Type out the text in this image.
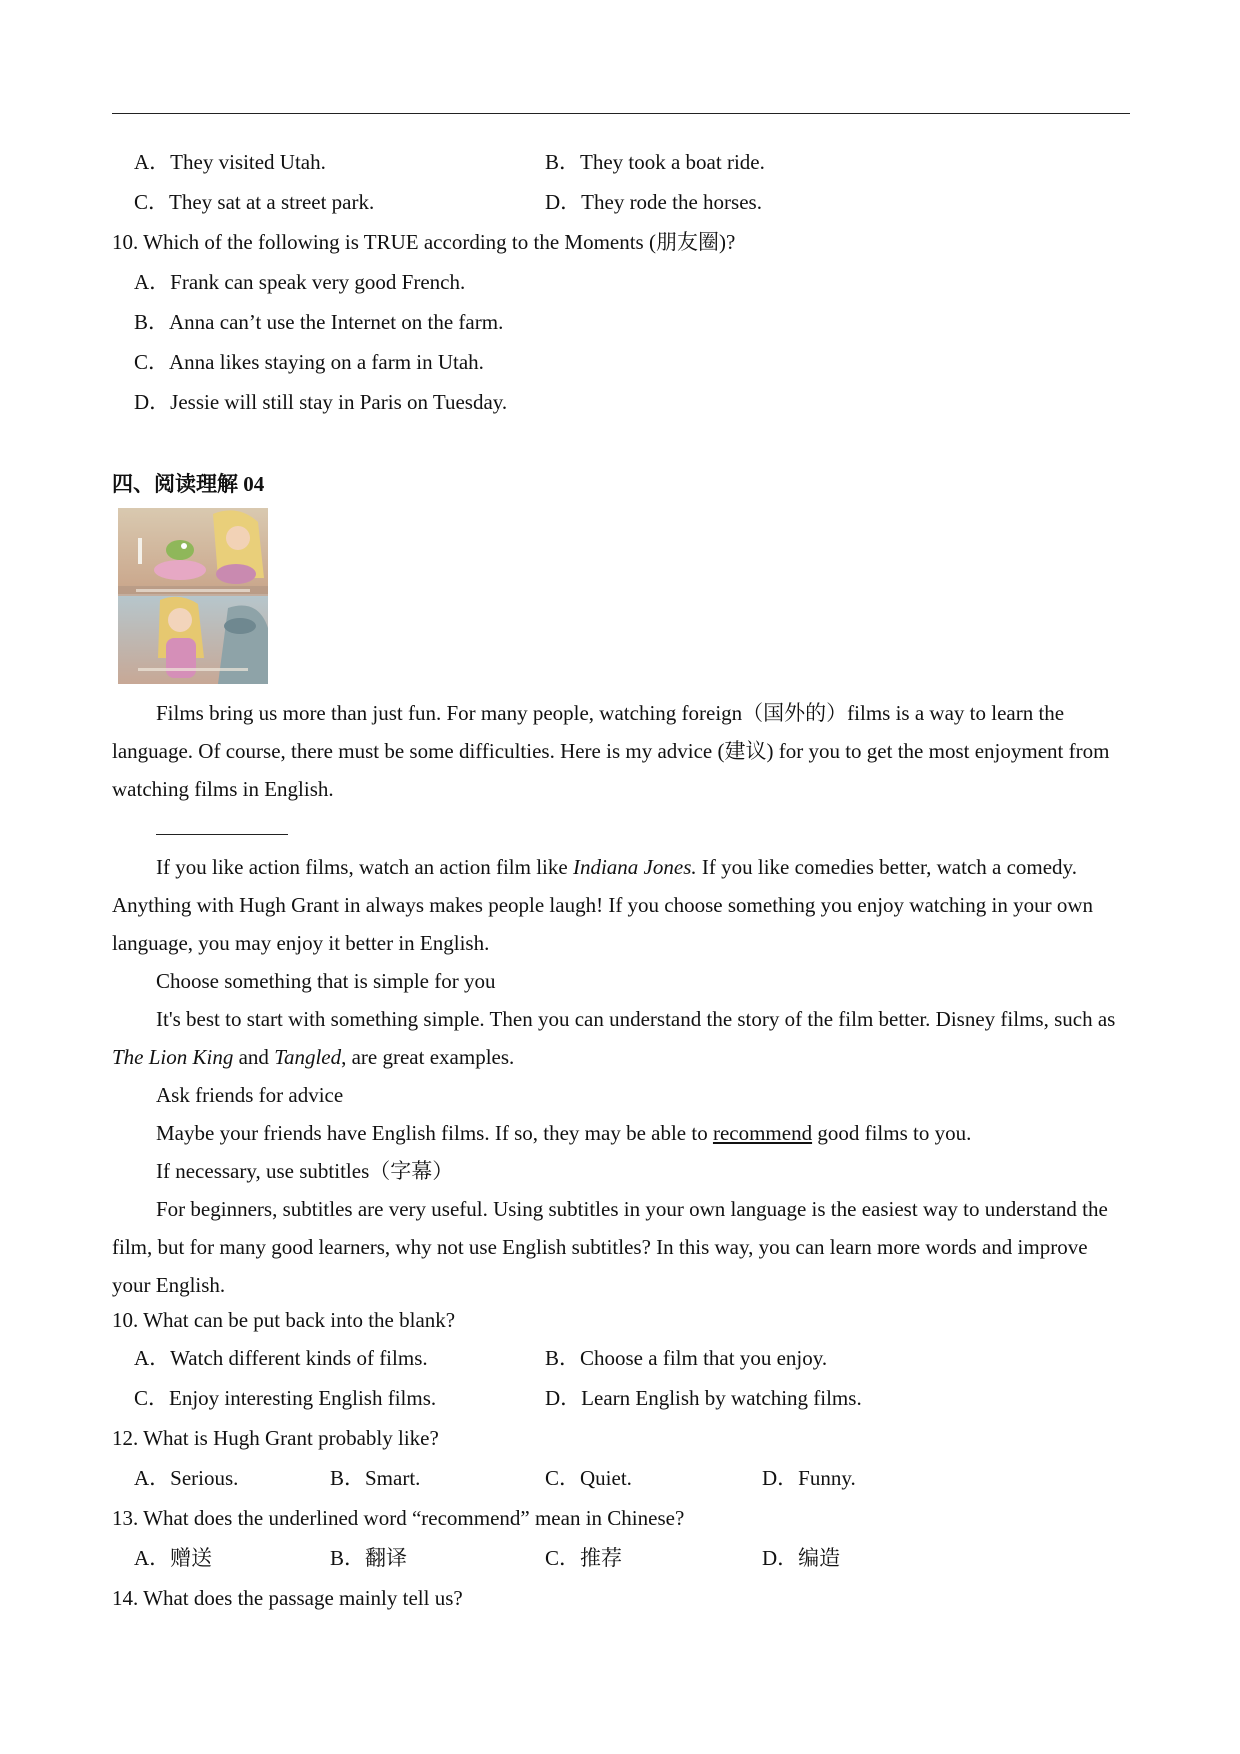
A．They visited Utah.	B．They took a boat ride.
C．They sat at a street park.	D．They rode the horses.
10. Which of the following is TRUE according to the Moments (朋友圈)?
A．Frank can speak very good French.
B．Anna can’t use the Internet on the farm.
C．Anna likes staying on a farm in Utah.
D．Jessie will still stay in Paris on Tuesday.
四、阅读理解 04
Films bring us more than just fun. For many people, watching foreign（国外的）films is a way to learn the language. Of course, there must be some difficulties. Here is my advice (建议) for you to get the most enjoyment from watching films in English.
If you like action films, watch an action film like Indiana Jones. If you like comedies better, watch a comedy. Anything with Hugh Grant in always makes people laugh! If you choose something you enjoy watching in your own language, you may enjoy it better in English.
Choose something that is simple for you
It's best to start with something simple. Then you can understand the story of the film better. Disney films, such as The Lion King and Tangled, are great examples.
Ask friends for advice
Maybe your friends have English films. If so, they may be able to recommend good films to you.
If necessary, use subtitles（字幕）
For beginners, subtitles are very useful. Using subtitles in your own language is the easiest way to understand the film, but for many good learners, why not use English subtitles? In this way, you can learn more words and improve your English.
10. What can be put back into the blank?
A．Watch different kinds of films.	B．Choose a film that you enjoy.
C．Enjoy interesting English films.	D．Learn English by watching films.
12. What is Hugh Grant probably like?
A．Serious.	B．Smart.	C．Quiet.	D．Funny.
13. What does the underlined word “recommend” mean in Chinese?
A．赠送	B．翻译	C．推荐	D．编造
14. What does the passage mainly tell us?
